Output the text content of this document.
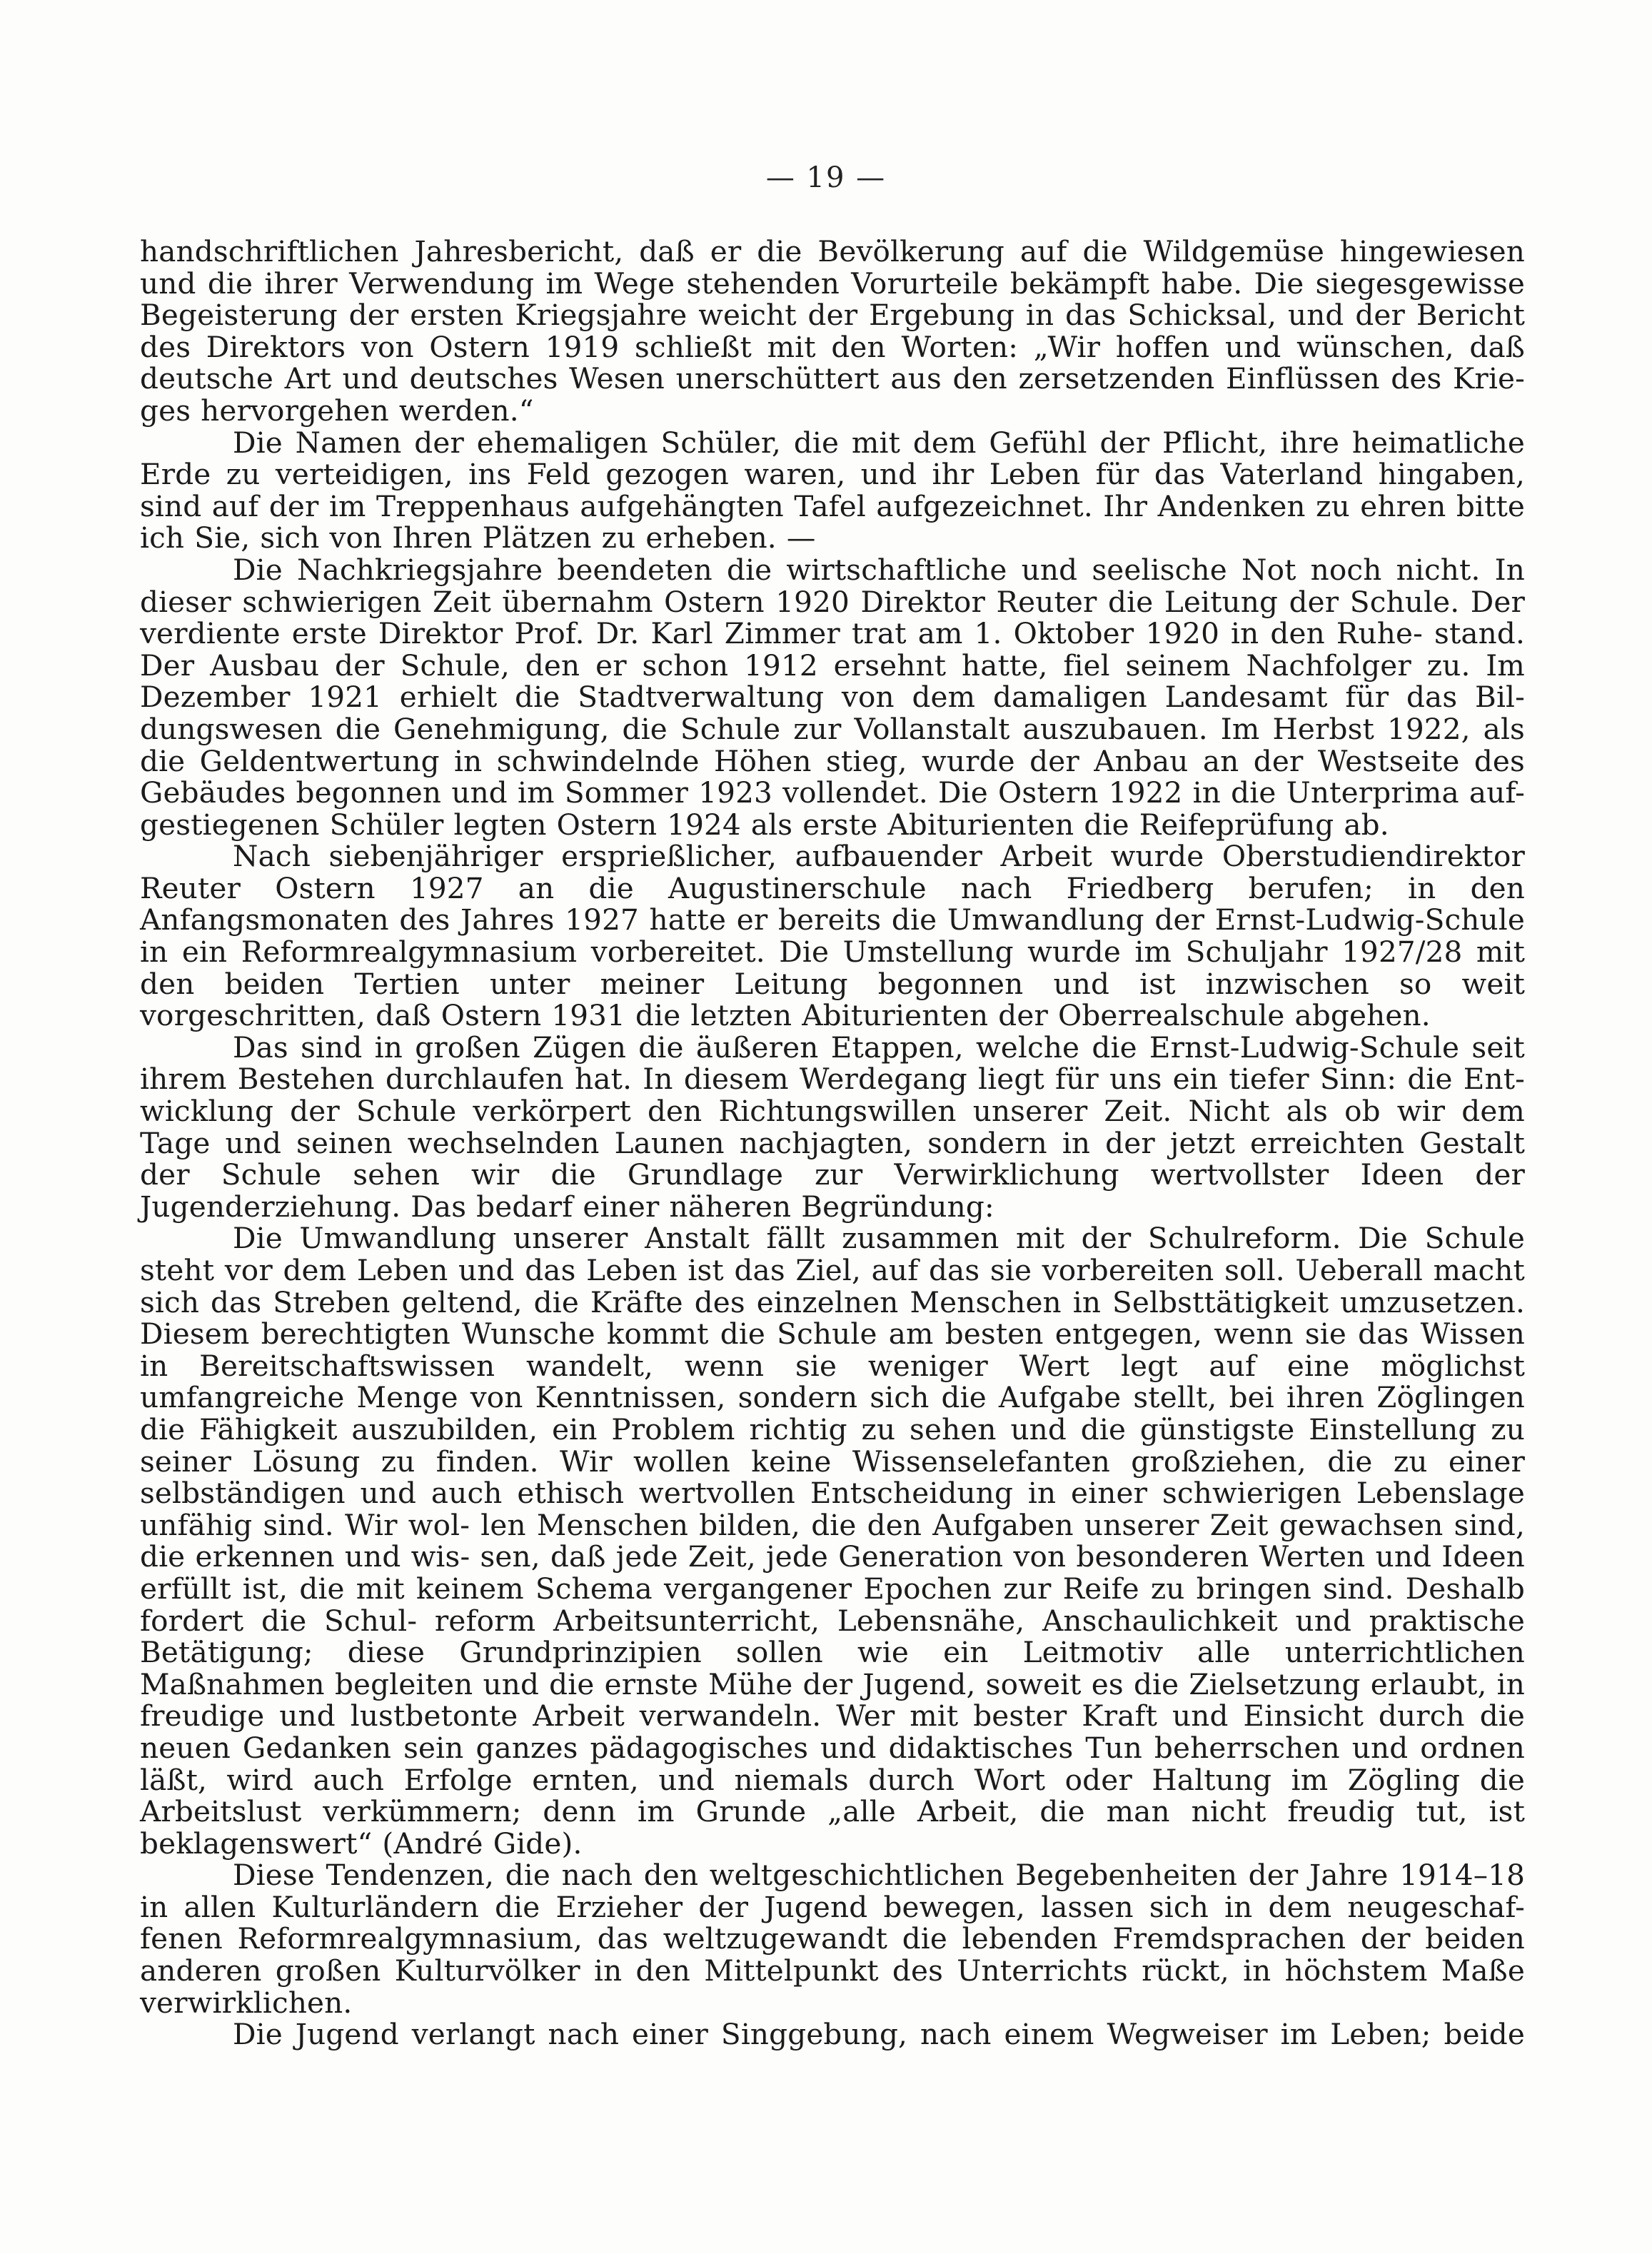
— 19 —

handschriftlichen Jahresbericht, daß er die Bevölkerung auf die Wildgemüse hingewiesen und die ihrer Verwendung im Wege stehenden Vorurteile bekämpft habe. Die siegesgewisse Begeisterung der ersten Kriegsjahre weicht der Ergebung in das Schicksal, und der Bericht des Direktors von Ostern 1919 schließt mit den Worten: „Wir hoffen und wünschen, daß deutsche Art und deutsches Wesen unerschüttert aus den zersetzenden Einflüssen des Krie- ges hervorgehen werden.“

Die Namen der ehemaligen Schüler, die mit dem Gefühl der Pflicht, ihre heimatliche Erde zu verteidigen, ins Feld gezogen waren, und ihr Leben für das Vaterland hingaben, sind auf der im Treppenhaus aufgehängten Tafel aufgezeichnet. Ihr Andenken zu ehren bitte ich Sie, sich von Ihren Plätzen zu erheben. —

Die Nachkriegsjahre beendeten die wirtschaftliche und seelische Not noch nicht. In dieser schwierigen Zeit übernahm Ostern 1920 Direktor Reuter die Leitung der Schule. Der verdiente erste Direktor Prof. Dr. Karl Zimmer trat am 1. Oktober 1920 in den Ruhe- stand. Der Ausbau der Schule, den er schon 1912 ersehnt hatte, fiel seinem Nachfolger zu. Im Dezember 1921 erhielt die Stadtverwaltung von dem damaligen Landesamt für das Bil- dungswesen die Genehmigung, die Schule zur Vollanstalt auszubauen. Im Herbst 1922, als die Geldentwertung in schwindelnde Höhen stieg, wurde der Anbau an der Westseite des Gebäudes begonnen und im Sommer 1923 vollendet. Die Ostern 1922 in die Unterprima auf- gestiegenen Schüler legten Ostern 1924 als erste Abiturienten die Reifeprüfung ab.

Nach siebenjähriger ersprießlicher, aufbauender Arbeit wurde Oberstudiendirektor Reuter Ostern 1927 an die Augustinerschule nach Friedberg berufen; in den Anfangsmonaten des Jahres 1927 hatte er bereits die Umwandlung der Ernst-Ludwig-Schule in ein Reformrealgymnasium vorbereitet. Die Umstellung wurde im Schuljahr 1927/28 mit den beiden Tertien unter meiner Leitung begonnen und ist inzwischen so weit vorgeschritten, daß Ostern 1931 die letzten Abiturienten der Oberrealschule abgehen.

Das sind in großen Zügen die äußeren Etappen, welche die Ernst-Ludwig-Schule seit ihrem Bestehen durchlaufen hat. In diesem Werdegang liegt für uns ein tiefer Sinn: die Ent- wicklung der Schule verkörpert den Richtungswillen unserer Zeit. Nicht als ob wir dem Tage und seinen wechselnden Launen nachjagten, sondern in der jetzt erreichten Gestalt der Schule sehen wir die Grundlage zur Verwirklichung wertvollster Ideen der Jugenderziehung. Das bedarf einer näheren Begründung:

Die Umwandlung unserer Anstalt fällt zusammen mit der Schulreform. Die Schule steht vor dem Leben und das Leben ist das Ziel, auf das sie vorbereiten soll. Ueberall macht sich das Streben geltend, die Kräfte des einzelnen Menschen in Selbsttätigkeit umzusetzen. Diesem berechtigten Wunsche kommt die Schule am besten entgegen, wenn sie das Wissen in Bereitschaftswissen wandelt, wenn sie weniger Wert legt auf eine möglichst umfangreiche Menge von Kenntnissen, sondern sich die Aufgabe stellt, bei ihren Zöglingen die Fähigkeit auszubilden, ein Problem richtig zu sehen und die günstigste Einstellung zu seiner Lösung zu finden. Wir wollen keine Wissenselefanten großziehen, die zu einer selbständigen und auch ethisch wertvollen Entscheidung in einer schwierigen Lebenslage unfähig sind. Wir wol- len Menschen bilden, die den Aufgaben unserer Zeit gewachsen sind, die erkennen und wis- sen, daß jede Zeit, jede Generation von besonderen Werten und Ideen erfüllt ist, die mit keinem Schema vergangener Epochen zur Reife zu bringen sind. Deshalb fordert die Schul- reform Arbeitsunterricht, Lebensnähe, Anschaulichkeit und praktische Betätigung; diese Grundprinzipien sollen wie ein Leitmotiv alle unterrichtlichen Maßnahmen begleiten und die ernste Mühe der Jugend, soweit es die Zielsetzung erlaubt, in freudige und lustbetonte Arbeit verwandeln. Wer mit bester Kraft und Einsicht durch die neuen Gedanken sein ganzes pädagogisches und didaktisches Tun beherrschen und ordnen läßt, wird auch Erfolge ernten, und niemals durch Wort oder Haltung im Zögling die Arbeitslust verkümmern; denn im Grunde „alle Arbeit, die man nicht freudig tut, ist beklagenswert“ (André Gide).

Diese Tendenzen, die nach den weltgeschichtlichen Begebenheiten der Jahre 1914–18 in allen Kulturländern die Erzieher der Jugend bewegen, lassen sich in dem neugeschaf- fenen Reformrealgymnasium, das weltzugewandt die lebenden Fremdsprachen der beiden anderen großen Kulturvölker in den Mittelpunkt des Unterrichts rückt, in höchstem Maße verwirklichen.

Die Jugend verlangt nach einer Singgebung, nach einem Wegweiser im Leben; beide
